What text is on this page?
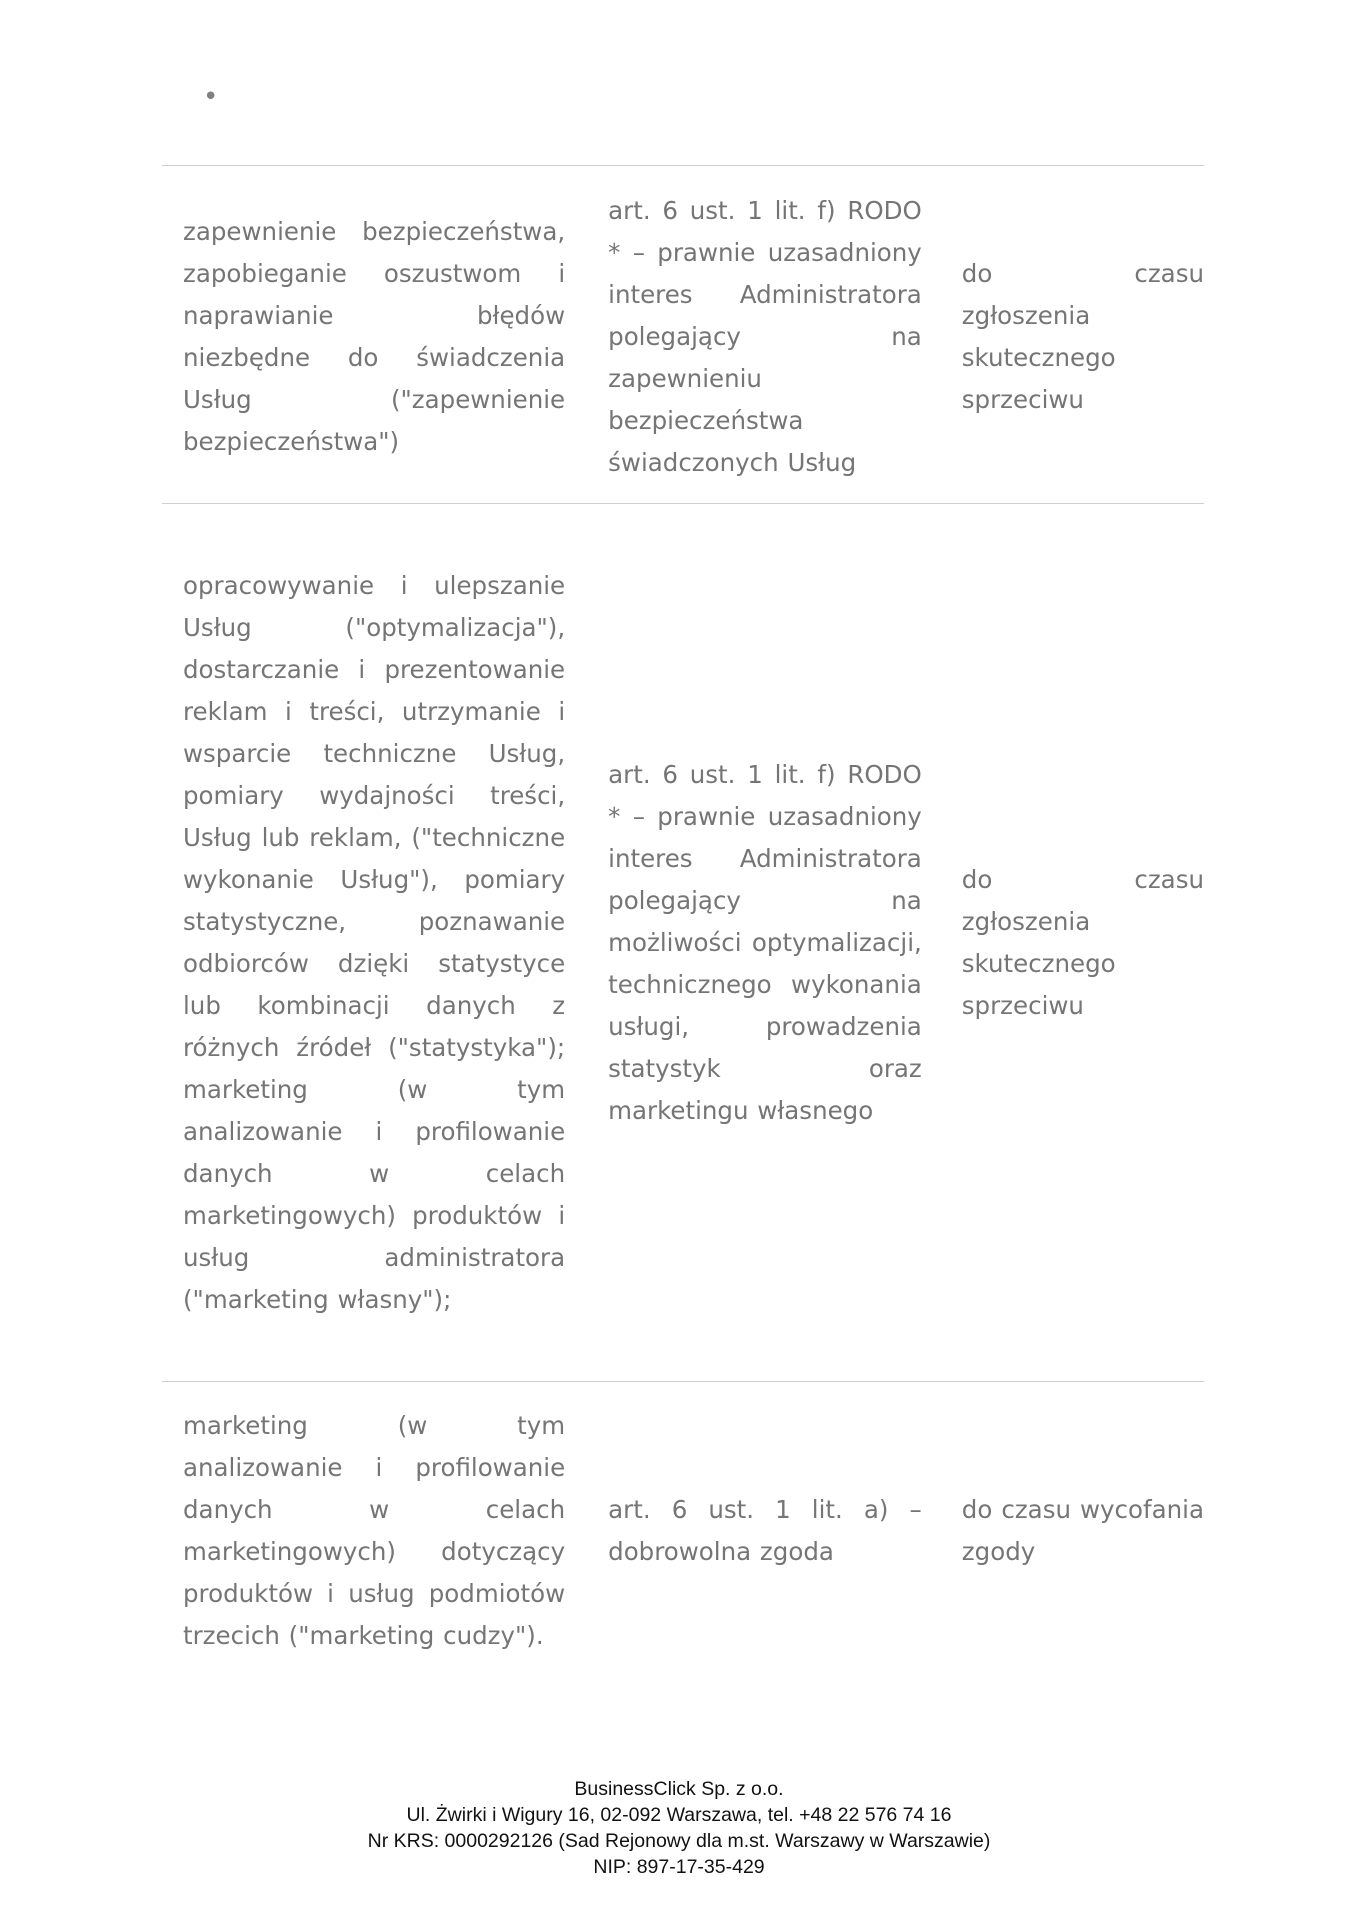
•
zapewnienie bezpieczeństwa, zapobieganie oszustwom i naprawianie błędów niezbędne do świadczenia Usług ("zapewnienie bezpieczeństwa")
art. 6 ust. 1 lit. f) RODO * – prawnie uzasadniony interes Administratora polegający na zapewnieniu bezpieczeństwa świadczonych Usług
do czasu zgłoszenia skutecznego sprzeciwu
opracowywanie i ulepszanie Usług ("optymalizacja"), dostarczanie i prezentowanie reklam i treści, utrzymanie i wsparcie techniczne Usług, pomiary wydajności treści, Usług lub reklam, ("techniczne wykonanie Usług"), pomiary statystyczne, poznawanie odbiorców dzięki statystyce lub kombinacji danych z różnych źródeł ("statystyka"); marketing (w tym analizowanie i profilowanie danych w celach marketingowych) produktów i usług administratora ("marketing własny");
art. 6 ust. 1 lit. f) RODO * – prawnie uzasadniony interes Administratora polegający na możliwości optymalizacji, technicznego wykonania usługi, prowadzenia statystyk oraz marketingu własnego
do czasu zgłoszenia skutecznego sprzeciwu
marketing (w tym analizowanie i profilowanie danych w celach marketingowych) dotyczący produktów i usług podmiotów trzecich ("marketing cudzy").
art. 6 ust. 1 lit. a) – dobrowolna zgoda
do czasu wycofania zgody
BusinessClick Sp. z o.o.
Ul. Żwirki i Wigury 16, 02-092 Warszawa, tel. +48 22 576 74 16
Nr KRS: 0000292126 (Sad Rejonowy dla m.st. Warszawy w Warszawie)
NIP: 897-17-35-429
